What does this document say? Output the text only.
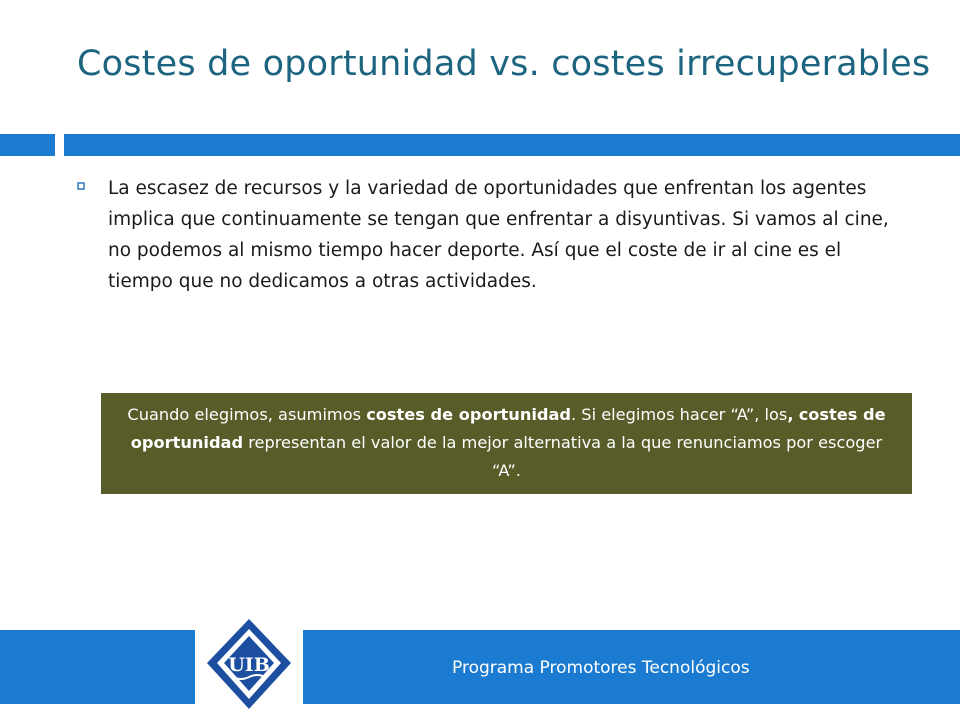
Costes de oportunidad vs. costes irrecuperables

La escasez de recursos y la variedad de oportunidades que enfrentan los agentes implica que continuamente se tengan que enfrentar a disyuntivas. Si vamos al cine, no podemos al mismo tiempo hacer deporte. Así que el coste de ir al cine es el tiempo que no dedicamos a otras actividades.

Cuando elegimos, asumimos costes de oportunidad. Si elegimos hacer “A”, los, costes de oportunidad representan el valor de la mejor alternativa a la que renunciamos por escoger “A”.
Programa Promotores Tecnológicos
UIB
